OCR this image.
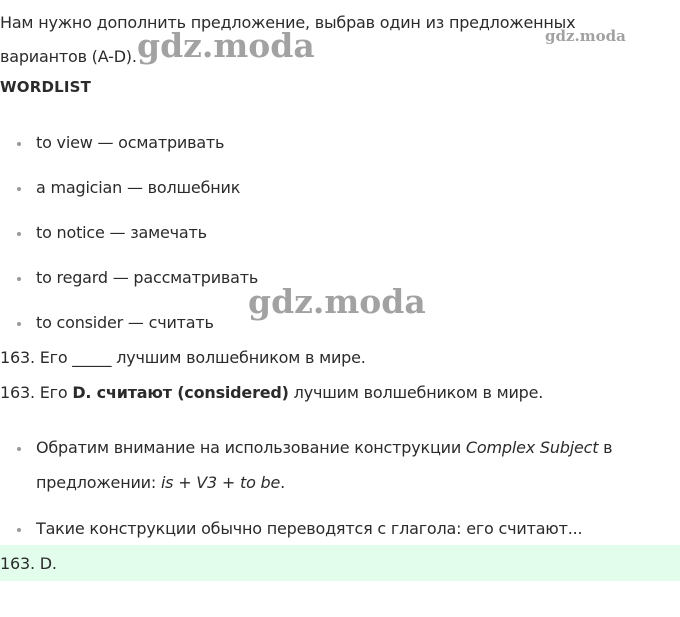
Нам нужно дополнить предложение, выбрав один из предложенных вариантов (A-D).
WORDLIST
to view — осматривать
a magician — волшебник
to notice — замечать
to regard — рассматривать
to consider — считать
163. Его _____ лучшим волшебником в мире.
163. Его D. считают (considered) лучшим волшебником в мире.
Обратим внимание на использование конструкции Complex Subject в предложении: is + V3 + to be.
Такие конструкции обычно переводятся с глагола: его считают...
163. D.
gdz.moda	gdz.moda
gdz.moda
